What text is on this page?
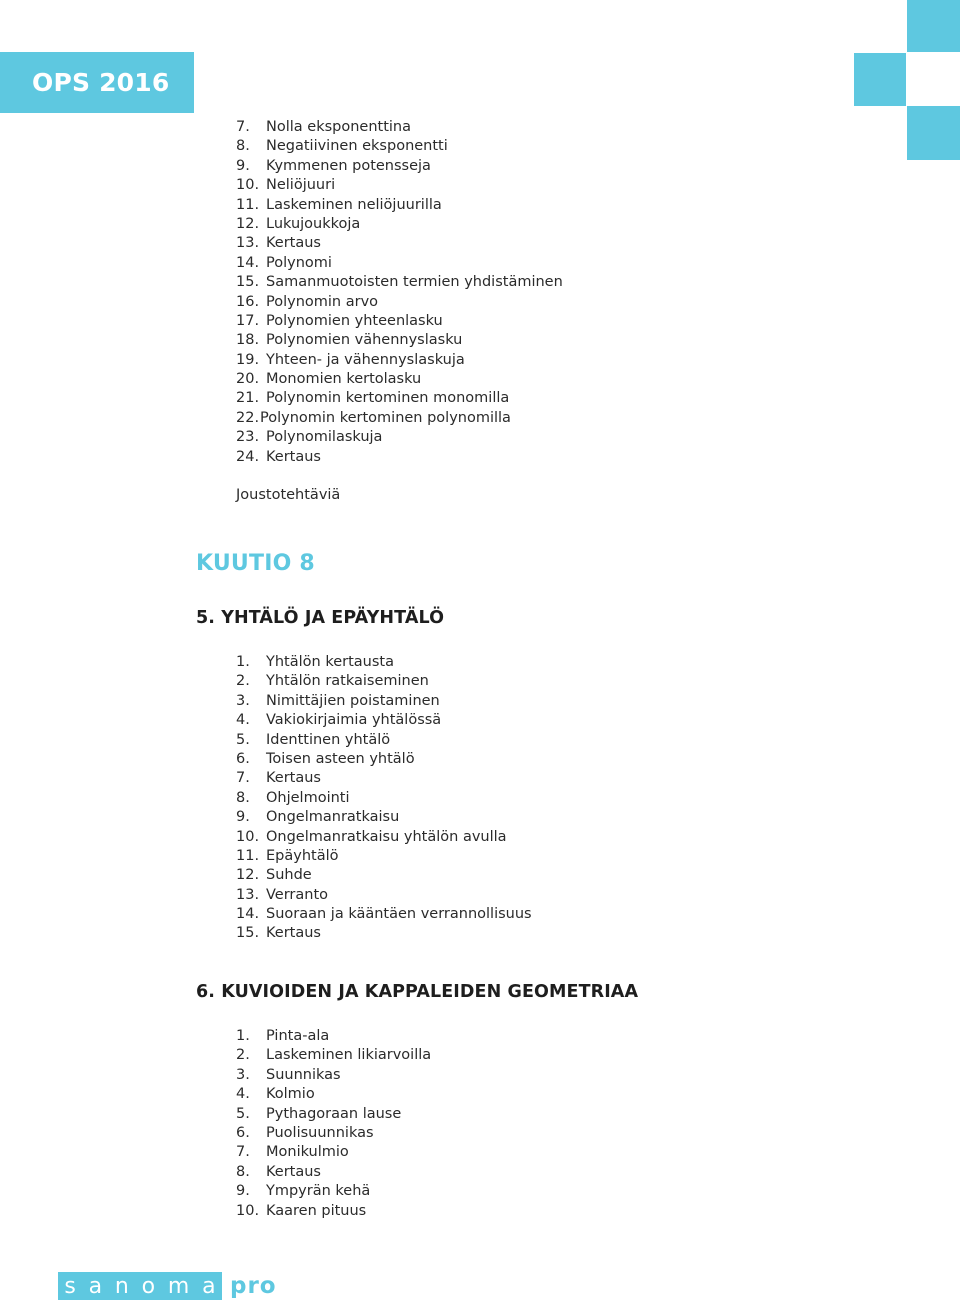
OPS 2016
7.	Nolla eksponenttina
8.	Negatiivinen eksponentti
9.	Kymmenen potensseja
10. Neliöjuuri
11. Laskeminen neliöjuurilla
12. Lukujoukkoja
13. Kertaus
14. Polynomi
15. Samanmuotoisten termien yhdistäminen
16. Polynomin arvo
17. Polynomien yhteenlasku
18. Polynomien vähennyslasku
19. Yhteen- ja vähennyslaskuja
20. Monomien kertolasku
21. Polynomin kertominen monomilla
22. Polynomin kertominen polynomilla
23. Polynomilaskuja
24. Kertaus
Joustotehtäviä
KUUTIO 8
5. YHTÄLÖ JA EPÄYHTÄLÖ
1.	Yhtälön kertausta
2.	Yhtälön ratkaiseminen
3.	Nimittäjien poistaminen
4.	Vakiokirjaimia yhtälössä
5.	Identtinen yhtälö
6.	Toisen asteen yhtälö
7.	Kertaus
8.	Ohjelmointi
9.	Ongelmanratkaisu
10. Ongelmanratkaisu yhtälön avulla
11. Epäyhtälö
12. Suhde
13. Verranto
14. Suoraan ja kääntäen verrannollisuus
15. Kertaus
6. KUVIOIDEN JA KAPPALEIDEN GEOMETRIAA
1.	Pinta-ala
2.	Laskeminen likiarvoilla
3.	Suunnikas
4.	Kolmio
5.	Pythagoraan lause
6.	Puolisuunnikas
7.	Monikulmio
8.	Kertaus
9.	Ympyrän kehä
10. Kaaren pituus
s a n o m a pro
